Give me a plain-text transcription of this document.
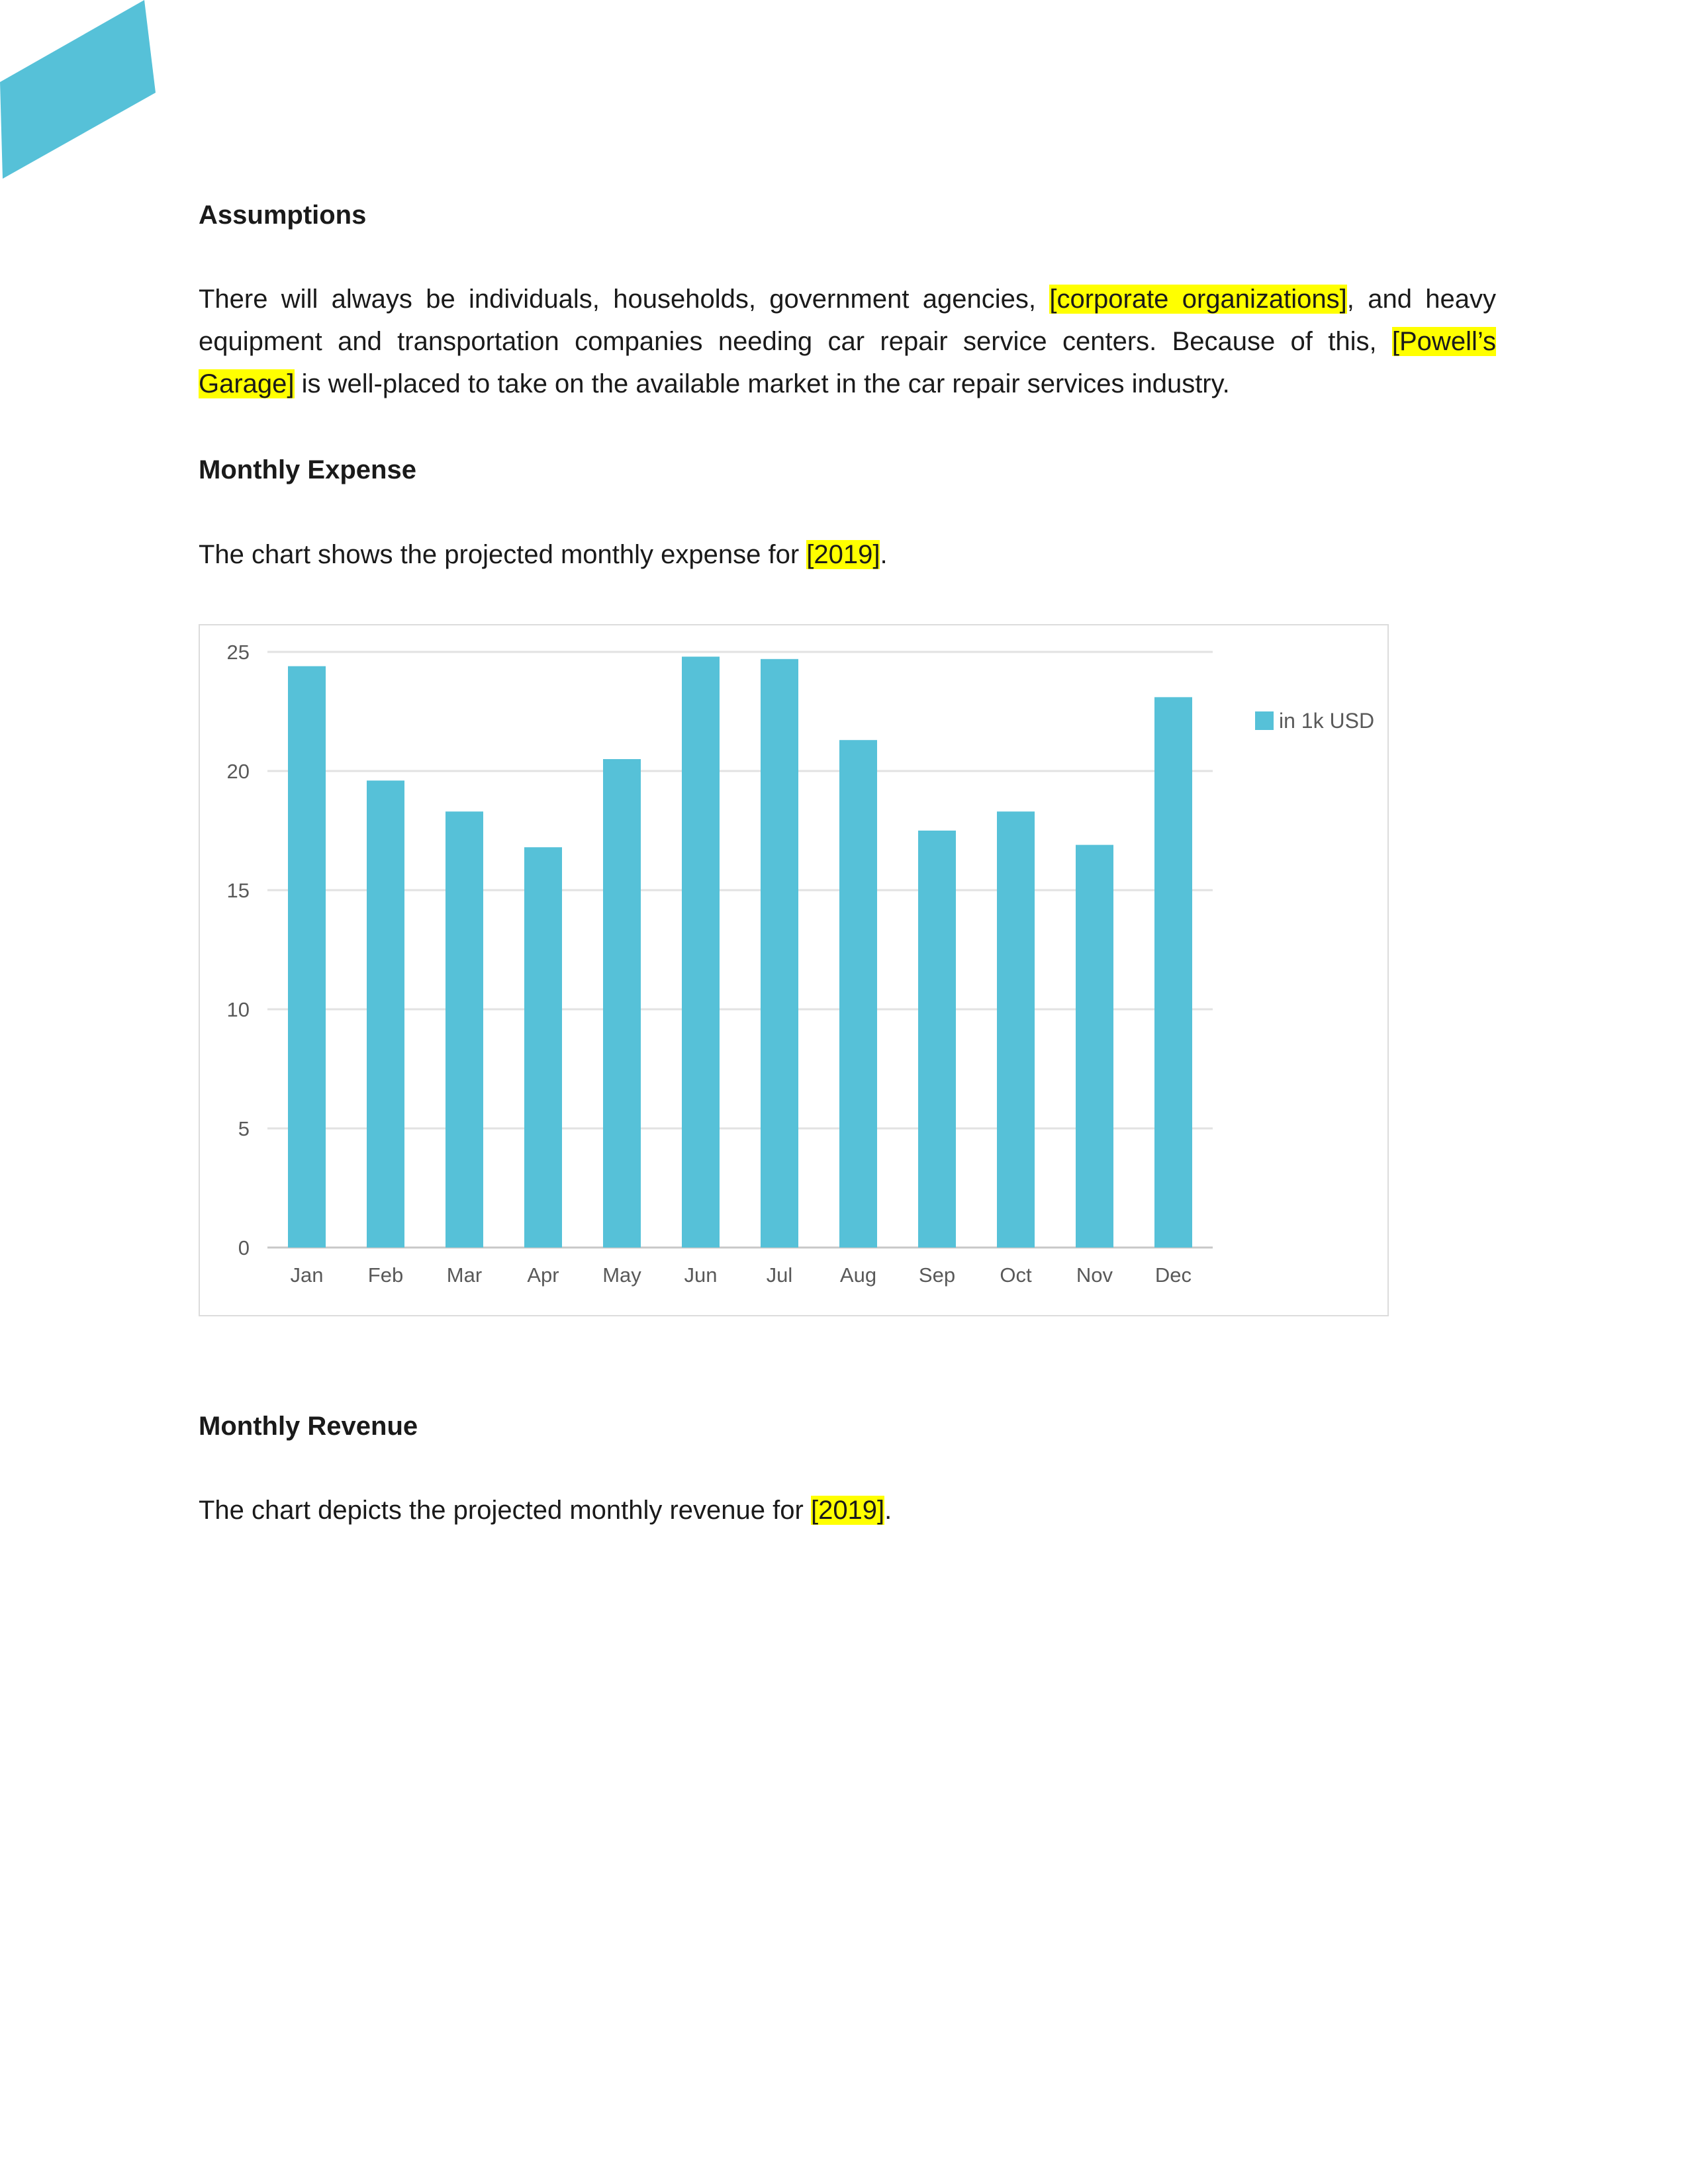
Assumptions

There will always be individuals, households, government agencies, [corporate organizations], and heavy equipment and transportation companies needing car repair service centers. Because of this, [Powell’s Garage] is well-placed to take on the available market in the car repair services industry.

Monthly Expense

The chart shows the projected monthly expense for [2019].

Monthly Revenue

The chart depicts the projected monthly revenue for [2019].

0
5
10
15
20
25
Jan Feb Mar Apr May Jun Jul Aug Sep Oct Nov Dec
in 1k USD
